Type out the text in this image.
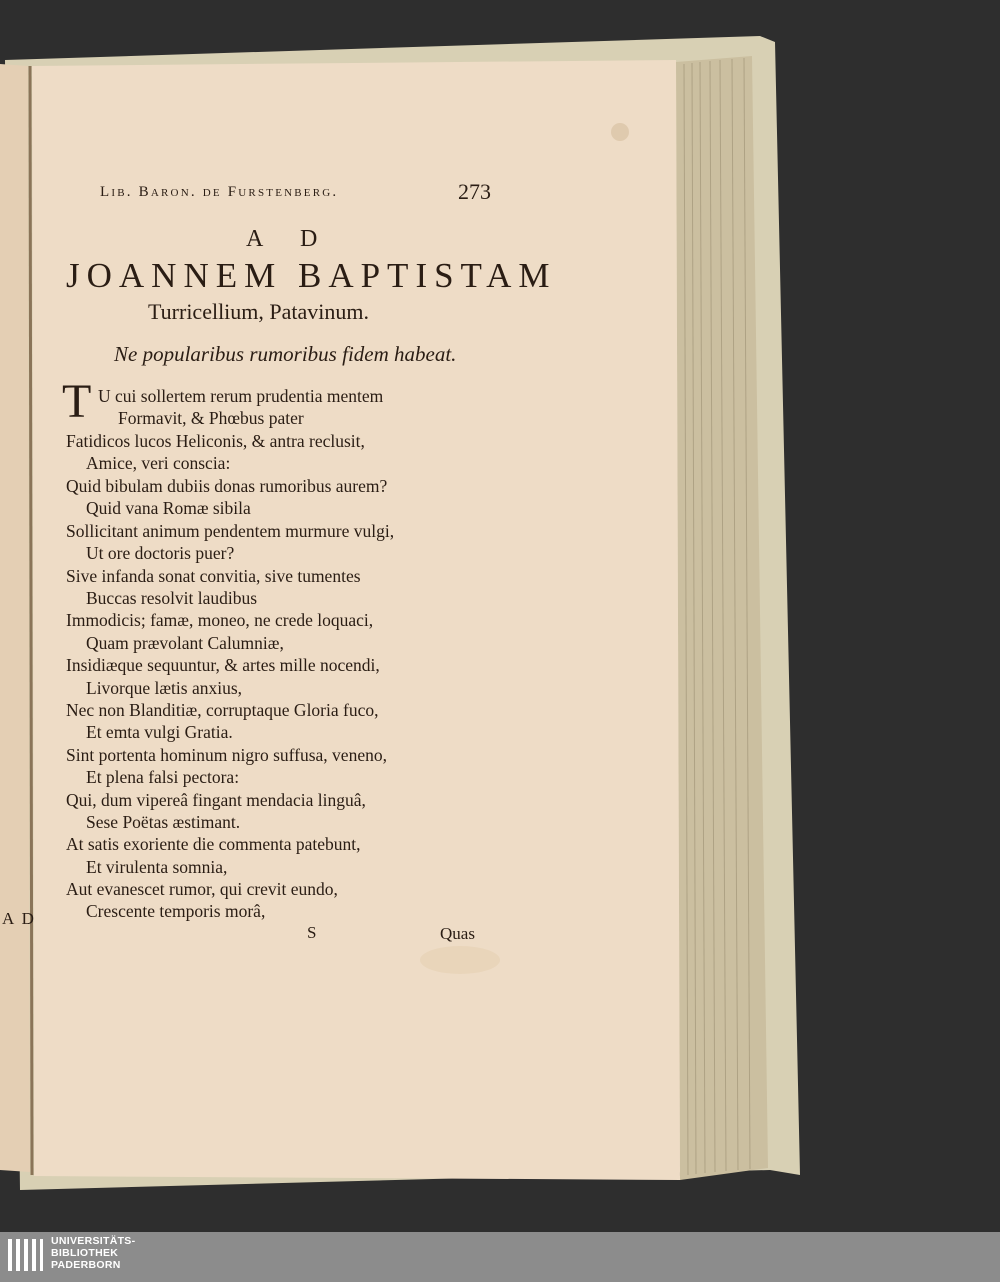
A D
Lib. Baron. de Furstenberg.	273
A D
JOANNEM BAPTISTAM
Turricellium, Patavinum.
Ne popularibus rumoribus fidem habeat.
T U cui sollertem rerum prudentia mentem
Formavit, & Phœbus pater
Fatidicos lucos Heliconis, & antra reclusit,
Amice, veri conscia:
Quid bibulam dubiis donas rumoribus aurem?
Quid vana Romæ sibila
Sollicitant animum pendentem murmure vulgi,
Ut ore doctoris puer?
Sive infanda sonat convitia, sive tumentes
Buccas resolvit laudibus
Immodicis; famæ, moneo, ne crede loquaci,
Quam prævolant Calumniæ,
Insidiæque sequuntur, & artes mille nocendi,
Livorque lætis anxius,
Nec non Blanditiæ, corruptaque Gloria fuco,
Et emta vulgi Gratia.
Sint portenta hominum nigro suffusa, veneno,
Et plena falsi pectora:
Qui, dum vipereâ fingant mendacia linguâ,
Sese Poëtas æstimant.
At satis exoriente die commenta patebunt,
Et virulenta somnia,
Aut evanescet rumor, qui crevit eundo,
Crescente temporis morâ,
S	Quas
UNIVERSITÄTS-
BIBLIOTHEK
PADERBORN
